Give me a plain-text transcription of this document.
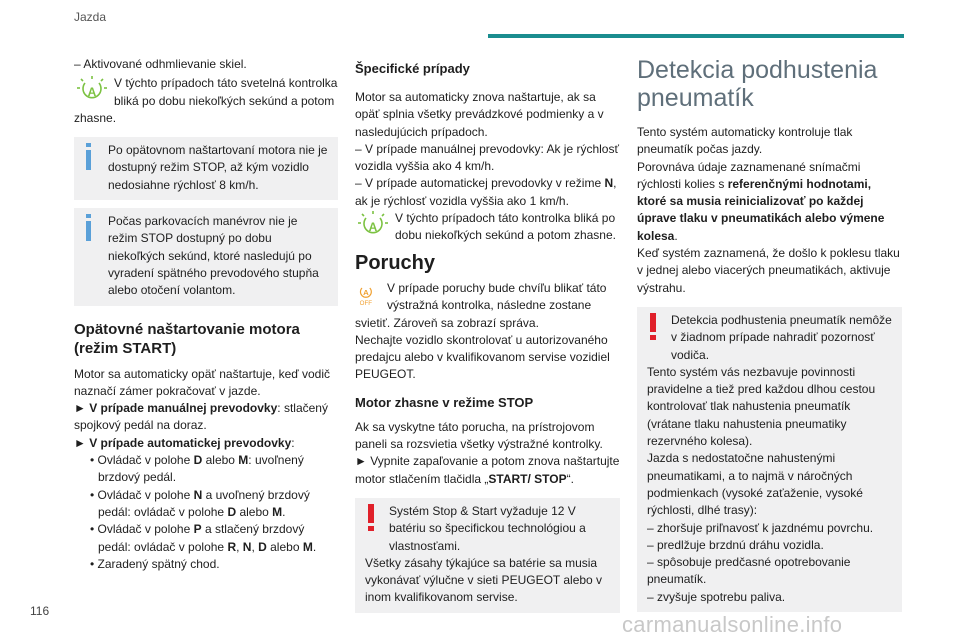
Jazda

– Aktivované odhmlievanie skiel.

A

V týchto prípadoch táto svetelná kontrolka bliká po dobu niekoľkých sekúnd a potom zhasne.

Po opätovnom naštartovaní motora nie je dostupný režim STOP, až kým vozidlo nedosiahne rýchlosť 8 km/h.

Počas parkovacích manévrov nie je režim STOP dostupný po dobu niekoľkých sekúnd, ktoré nasledujú po vyradení spätného prevodového stupňa alebo otočení volantom.

Opätovné naštartovanie motora (režim START)

Motor sa automaticky opäť naštartuje, keď vodič naznačí zámer pokračovať v jazde.

► V prípade manuálnej prevodovky: stlačený spojkový pedál na doraz.

► V prípade automatickej prevodovky:

• Ovládač v polohe D alebo M: uvoľnený brzdový pedál.

• Ovládač v polohe N a uvoľnený brzdový pedál: ovládač v polohe D alebo M.

• Ovládač v polohe P a stlačený brzdový pedál: ovládač v polohe R, N, D alebo M.

• Zaradený spätný chod.

Špecifické prípady

Motor sa automaticky znova naštartuje, ak sa opäť splnia všetky prevádzkové podmienky a v nasledujúcich prípadoch.

– V prípade manuálnej prevodovky: Ak je rýchlosť vozidla vyššia ako 4 km/h.

– V prípade automatickej prevodovky v režime N, ak je rýchlosť vozidla vyššia ako 1 km/h.

A

V týchto prípadoch táto kontrolka bliká po dobu niekoľkých sekúnd a potom zhasne.

Poruchy
A
OFF

V prípade poruchy bude chvíľu blikať táto výstražná kontrolka, následne zostane svietiť. Zároveň sa zobrazí správa.

Nechajte vozidlo skontrolovať u autorizovaného predajcu alebo v kvalifikovanom servise vozidiel PEUGEOT.

Motor zhasne v režime STOP

Ak sa vyskytne táto porucha, na prístrojovom paneli sa rozsvietia všetky výstražné kontrolky.

► Vypnite zapaľovanie a potom znova naštartujte motor stlačením tlačidla „START/ STOP“.

Systém Stop & Start vyžaduje 12 V batériu so špecifickou technológiou a vlastnosťami.

Všetky zásahy týkajúce sa batérie sa musia vykonávať výlučne v sieti PEUGEOT alebo v inom kvalifikovanom servise.

Detekcia podhustenia pneumatík

Tento systém automaticky kontroluje tlak pneumatík počas jazdy.

Porovnáva údaje zaznamenané snímačmi rýchlosti kolies s referenčnými hodnotami, ktoré sa musia reinicializovať po každej úprave tlaku v pneumatikách alebo výmene kolesa.

Keď systém zaznamená, že došlo k poklesu tlaku v jednej alebo viacerých pneumatikách, aktivuje výstrahu.

Detekcia podhustenia pneumatík nemôže v žiadnom prípade nahradiť pozornosť vodiča.

Tento systém vás nezbavuje povinnosti pravidelne a tiež pred každou dlhou cestou kontrolovať tlak nahustenia pneumatík (vrátane tlaku nahustenia pneumatiky rezervného kolesa).

Jazda s nedostatočne nahustenými pneumatikami, a to najmä v náročných podmienkach (vysoké zaťaženie, vysoké rýchlosti, dlhé trasy):

– zhoršuje priľnavosť k jazdnému povrchu.

– predlžuje brzdnú dráhu vozidla.

– spôsobuje predčasné opotrebovanie pneumatík.

– zvyšuje spotrebu paliva.

116
carmanualsonline.info
